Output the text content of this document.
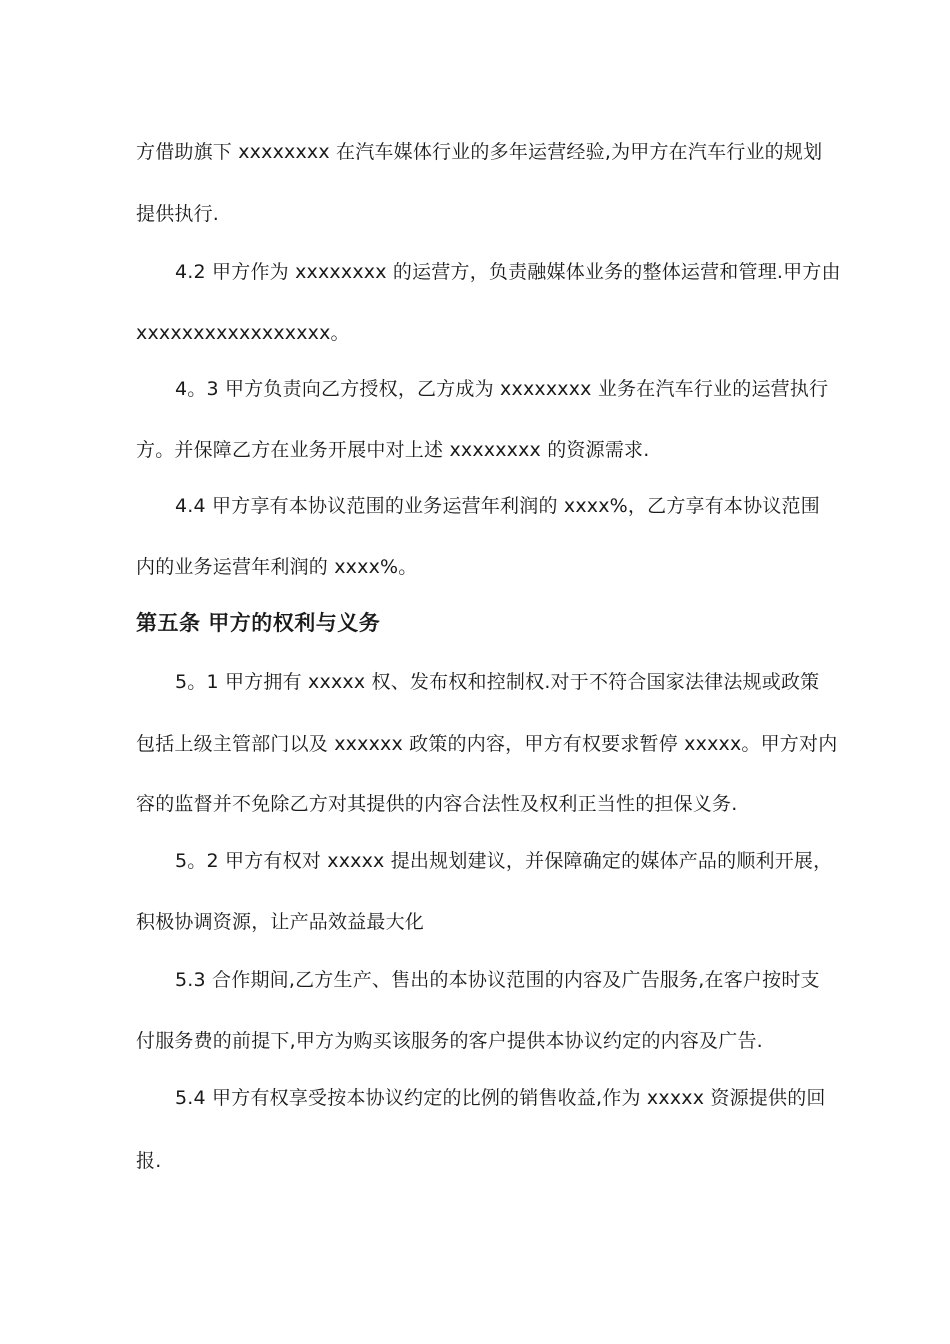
方借助旗下 xxxxxxxx 在汽车媒体行业的多年运营经验,为甲方在汽车行业的规划
提供执行.
4.2 甲方作为 xxxxxxxx 的运营方，负责融媒体业务的整体运营和管理.甲方由
xxxxxxxxxxxxxxxxx。
4。3 甲方负责向乙方授权，乙方成为 xxxxxxxx 业务在汽车行业的运营执行
方。并保障乙方在业务开展中对上述 xxxxxxxx 的资源需求.
4.4 甲方享有本协议范围的业务运营年利润的 xxxx%，乙方享有本协议范围
内的业务运营年利润的 xxxx%。
第五条 甲方的权利与义务
5。1 甲方拥有 xxxxx 权、发布权和控制权.对于不符合国家法律法规或政策
包括上级主管部门以及 xxxxxx 政策的内容，甲方有权要求暂停 xxxxx。甲方对内
容的监督并不免除乙方对其提供的内容合法性及权利正当性的担保义务.
5。2 甲方有权对 xxxxx 提出规划建议，并保障确定的媒体产品的顺利开展，
积极协调资源，让产品效益最大化
5.3 合作期间,乙方生产、售出的本协议范围的内容及广告服务,在客户按时支
付服务费的前提下,甲方为购买该服务的客户提供本协议约定的内容及广告.
5.4 甲方有权享受按本协议约定的比例的销售收益,作为 xxxxx 资源提供的回
报.
